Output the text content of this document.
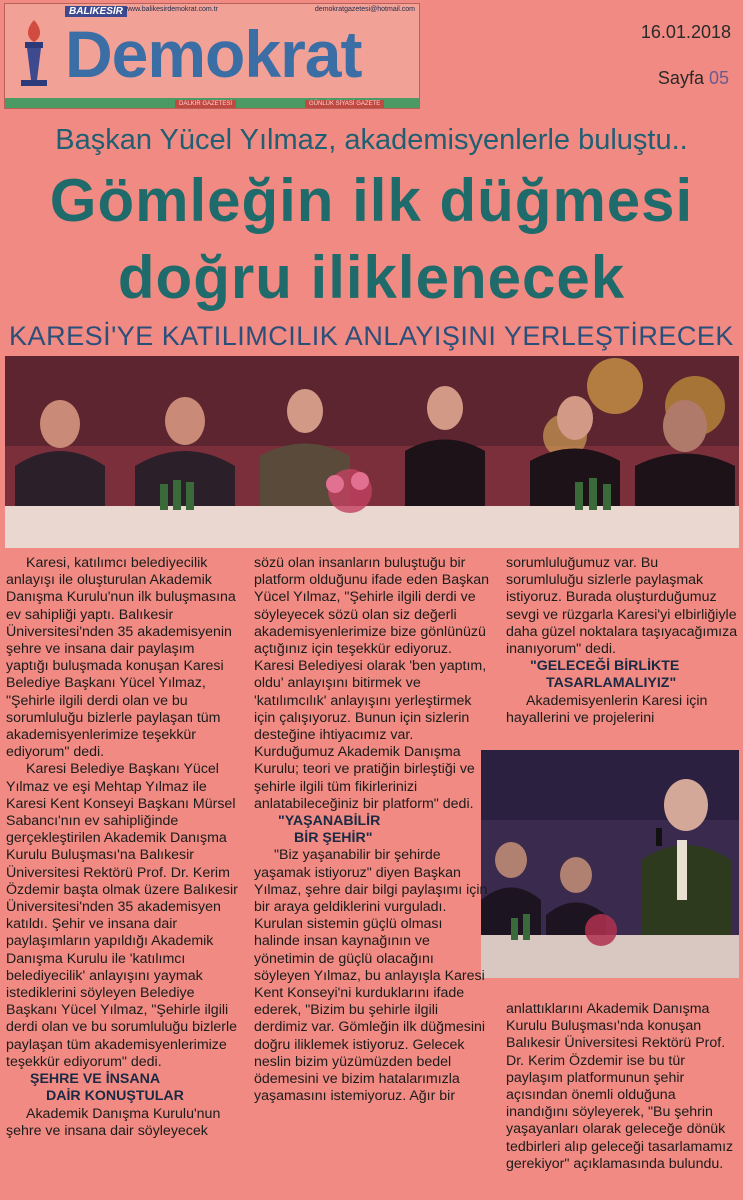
BALIKESİR www.balikesirdemokrat.com.tr	demokratgazetesi@hotmail.com
Demokrat
DALKIR GAZETESİ	GÜNLÜK SİYASİ GAZETE
16.01.2018
Sayfa 05
Başkan Yücel Yılmaz, akademisyenlerle buluştu..
Gömleğin ilk düğmesi
doğru iliklenecek
KARESİ'YE KATILIMCILIK ANLAYIŞINI YERLEŞTİRECEK

Karesi, katılımcı belediyecilik anlayışı ile oluşturulan Akademik Danışma Kurulu'nun ilk buluşmasına ev sahipliği yaptı. Balıkesir Üniversitesi'nden 35 akademisyenin şehre ve insana dair paylaşım yaptığı buluşmada konuşan Karesi Belediye Başkanı Yücel Yılmaz, "Şehirle ilgili derdi olan ve bu sorumluluğu bizlerle paylaşan tüm akademisyenlerimize teşekkür ediyorum" dedi.

Karesi Belediye Başkanı Yücel Yılmaz ve eşi Mehtap Yılmaz ile Karesi Kent Konseyi Başkanı Mürsel Sabancı'nın ev sahipliğinde gerçekleştirilen Akademik Danışma Kurulu Buluşması'na Balıkesir Üniversitesi Rektörü Prof. Dr. Kerim Özdemir başta olmak üzere Balıkesir Üniversitesi'nden 35 akademisyen katıldı. Şehir ve insana dair paylaşımların yapıldığı Akademik Danışma Kurulu ile 'katılımcı belediyecilik' anlayışını yaymak istediklerini söyleyen Belediye Başkanı Yücel Yılmaz, "Şehirle ilgili derdi olan ve bu sorumluluğu bizlerle paylaşan tüm akademisyenlerimize teşekkür ediyorum" dedi.

ŞEHRE VE İNSANA
DAİR KONUŞTULAR

Akademik Danışma Kurulu'nun şehre ve insana dair söyleyecek

sözü olan insanların buluştuğu bir platform olduğunu ifade eden Başkan Yücel Yılmaz, "Şehirle ilgili derdi ve söyleyecek sözü olan siz değerli akademisyenlerimize bize gönlünüzü açtığınız için teşekkür ediyoruz. Karesi Belediyesi olarak 'ben yaptım, oldu' anlayışını bitirmek ve 'katılımcılık' anlayışını yerleştirmek için çalışıyoruz. Bunun için sizlerin desteğine ihtiyacımız var. Kurduğumuz Akademik Danışma Kurulu; teori ve pratiğin birleştiği ve şehirle ilgili tüm fikirlerinizi anlatabileceğiniz bir platform" dedi.

"YAŞANABİLİR
BİR ŞEHİR"

"Biz yaşanabilir bir şehirde yaşamak istiyoruz" diyen Başkan Yılmaz, şehre dair bilgi paylaşımı için bir araya geldiklerini vurguladı. Kurulan sistemin güçlü olması halinde insan kaynağının ve yönetimin de güçlü olacağını söyleyen Yılmaz, bu anlayışla Karesi Kent Konseyi'ni kurduklarını ifade ederek, "Bizim bu şehirle ilgili derdimiz var. Gömleğin ilk düğmesini doğru iliklemek istiyoruz. Gelecek neslin bizim yüzümüzden bedel ödemesini ve bizim hatalarımızla yaşamasını istemiyoruz. Ağır bir

sorumluluğumuz var. Bu sorumluluğu sizlerle paylaşmak istiyoruz. Burada oluşturduğumuz sevgi ve rüzgarla Karesi'yi elbirliğiyle daha güzel noktalara taşıyacağımıza inanıyorum" dedi.

"GELECEĞİ BİRLİKTE
TASARLAMALIYIZ"

Akademisyenlerin Karesi için hayallerini ve projelerini

anlattıklarını Akademik Danışma Kurulu Buluşması'nda konuşan Balıkesir Üniversitesi Rektörü Prof. Dr. Kerim Özdemir ise bu tür paylaşım platformunun şehir açısından önemli olduğuna inandığını söyleyerek, "Bu şehrin yaşayanları olarak geleceğe dönük tedbirleri alıp geleceği tasarlamamız gerekiyor" açıklamasında bulundu.
